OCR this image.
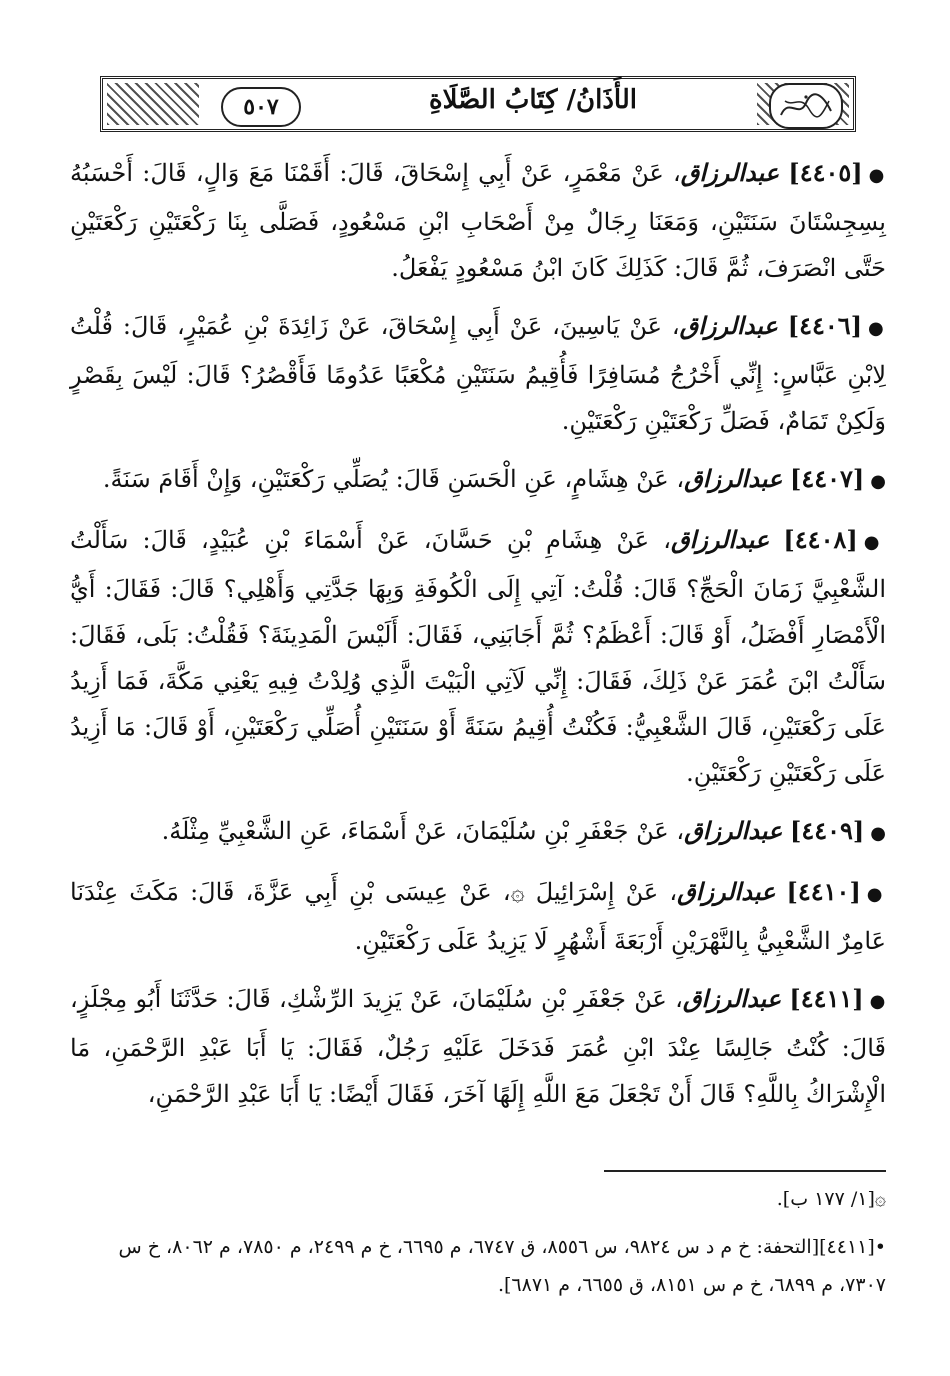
٥٠٧	الأَذَانُ/ كِتَابُ الصَّلَاةِ

●[٤٤٠٥] عبدالرزاق، عَنْ مَعْمَرٍ، عَنْ أَبِي إِسْحَاقَ، قَالَ: أَقَمْنَا مَعَ وَالٍ، قَالَ: أَحْسَبُهُ بِسِجِسْتَانَ سَنَتَيْنِ، وَمَعَنَا رِجَالٌ مِنْ أَصْحَابِ ابْنِ مَسْعُودٍ، فَصَلَّى بِنَا رَكْعَتَيْنِ رَكْعَتَيْنِ حَتَّى انْصَرَفَ، ثُمَّ قَالَ: كَذَلِكَ كَانَ ابْنُ مَسْعُودٍ يَفْعَلُ.

●[٤٤٠٦] عبدالرزاق، عَنْ يَاسِينَ، عَنْ أَبِي إِسْحَاقَ، عَنْ زَائِدَةَ بْنِ عُمَيْرٍ، قَالَ: قُلْتُ لِابْنِ عَبَّاسٍ: إِنِّي أَخْرُجُ مُسَافِرًا فَأُقِيمُ سَنَتَيْنِ مُكْعَبًا عَدُومًا فَأَقْصُرُ؟ قَالَ: لَيْسَ بِقَصْرٍ وَلَكِنْ تَمَامٌ، فَصَلِّ رَكْعَتَيْنِ رَكْعَتَيْنِ.

●[٤٤٠٧] عبدالرزاق، عَنْ هِشَامٍ، عَنِ الْحَسَنِ قَالَ: يُصَلِّي رَكْعَتَيْنِ، وَإِنْ أَقَامَ سَنَةً.

●[٤٤٠٨] عبدالرزاق، عَنْ هِشَامِ بْنِ حَسَّانَ، عَنْ أَسْمَاءَ بْنِ عُبَيْدٍ، قَالَ: سَأَلْتُ الشَّعْبِيَّ زَمَانَ الْحَجِّ؟ قَالَ: قُلْتُ: آتِي إِلَى الْكُوفَةِ وَبِهَا جَدَّتِي وَأَهْلِي؟ قَالَ: فَقَالَ: أَيُّ الْأَمْصَارِ أَفْضَلُ، أَوْ قَالَ: أَعْظَمُ؟ ثُمَّ أَجَابَنِي، فَقَالَ: أَلَيْسَ الْمَدِينَةَ؟ فَقُلْتُ: بَلَى، فَقَالَ: سَأَلْتُ ابْنَ عُمَرَ عَنْ ذَلِكَ، فَقَالَ: إِنِّي لَآتِي الْبَيْتَ الَّذِي وُلِدْتُ فِيهِ يَعْنِي مَكَّةَ، فَمَا أَزِيدُ عَلَى رَكْعَتَيْنِ، قَالَ الشَّعْبِيُّ: فَكُنْتُ أُقِيمُ سَنَةً أَوْ سَنَتَيْنِ أُصَلِّي رَكْعَتَيْنِ، أَوْ قَالَ: مَا أَزِيدُ عَلَى رَكْعَتَيْنِ رَكْعَتَيْنِ.

●[٤٤٠٩] عبدالرزاق، عَنْ جَعْفَرِ بْنِ سُلَيْمَانَ، عَنْ أَسْمَاءَ، عَنِ الشَّعْبِيِّ مِثْلَهُ.

●[٤٤١٠] عبدالرزاق، عَنْ إِسْرَائِيلَ ۞، عَنْ عِيسَى بْنِ أَبِي عَزَّةَ، قَالَ: مَكَثَ عِنْدَنَا عَامِرٌ الشَّعْبِيُّ بِالنَّهْرَيْنِ أَرْبَعَةَ أَشْهُرٍ لَا يَزِيدُ عَلَى رَكْعَتَيْنِ.

●[٤٤١١] عبدالرزاق، عَنْ جَعْفَرِ بْنِ سُلَيْمَانَ، عَنْ يَزِيدَ الرِّشْكِ، قَالَ: حَدَّثَنَا أَبُو مِجْلَزٍ، قَالَ: كُنْتُ جَالِسًا عِنْدَ ابْنِ عُمَرَ فَدَخَلَ عَلَيْهِ رَجُلٌ، فَقَالَ: يَا أَبَا عَبْدِ الرَّحْمَنِ، مَا الْإِشْرَاكُ بِاللَّهِ؟ قَالَ أَنْ تَجْعَلَ مَعَ اللَّهِ إِلَهًا آخَرَ، فَقَالَ أَيْضًا: يَا أَبَا عَبْدِ الرَّحْمَنِ،

۞[١/ ١٧٧ ب].

•[٤٤١١][التحفة: خ م د س ٩٨٢٤، س ٨٥٥٦، ق ٦٧٤٧، م ٦٦٩٥، خ م ٢٤٩٩، م ٧٨٥٠، م ٨٠٦٢، خ س ٧٣٠٧، م ٦٨٩٩، خ م س ٨١٥١، ق ٦٦٥٥، م ٦٨٧١].
